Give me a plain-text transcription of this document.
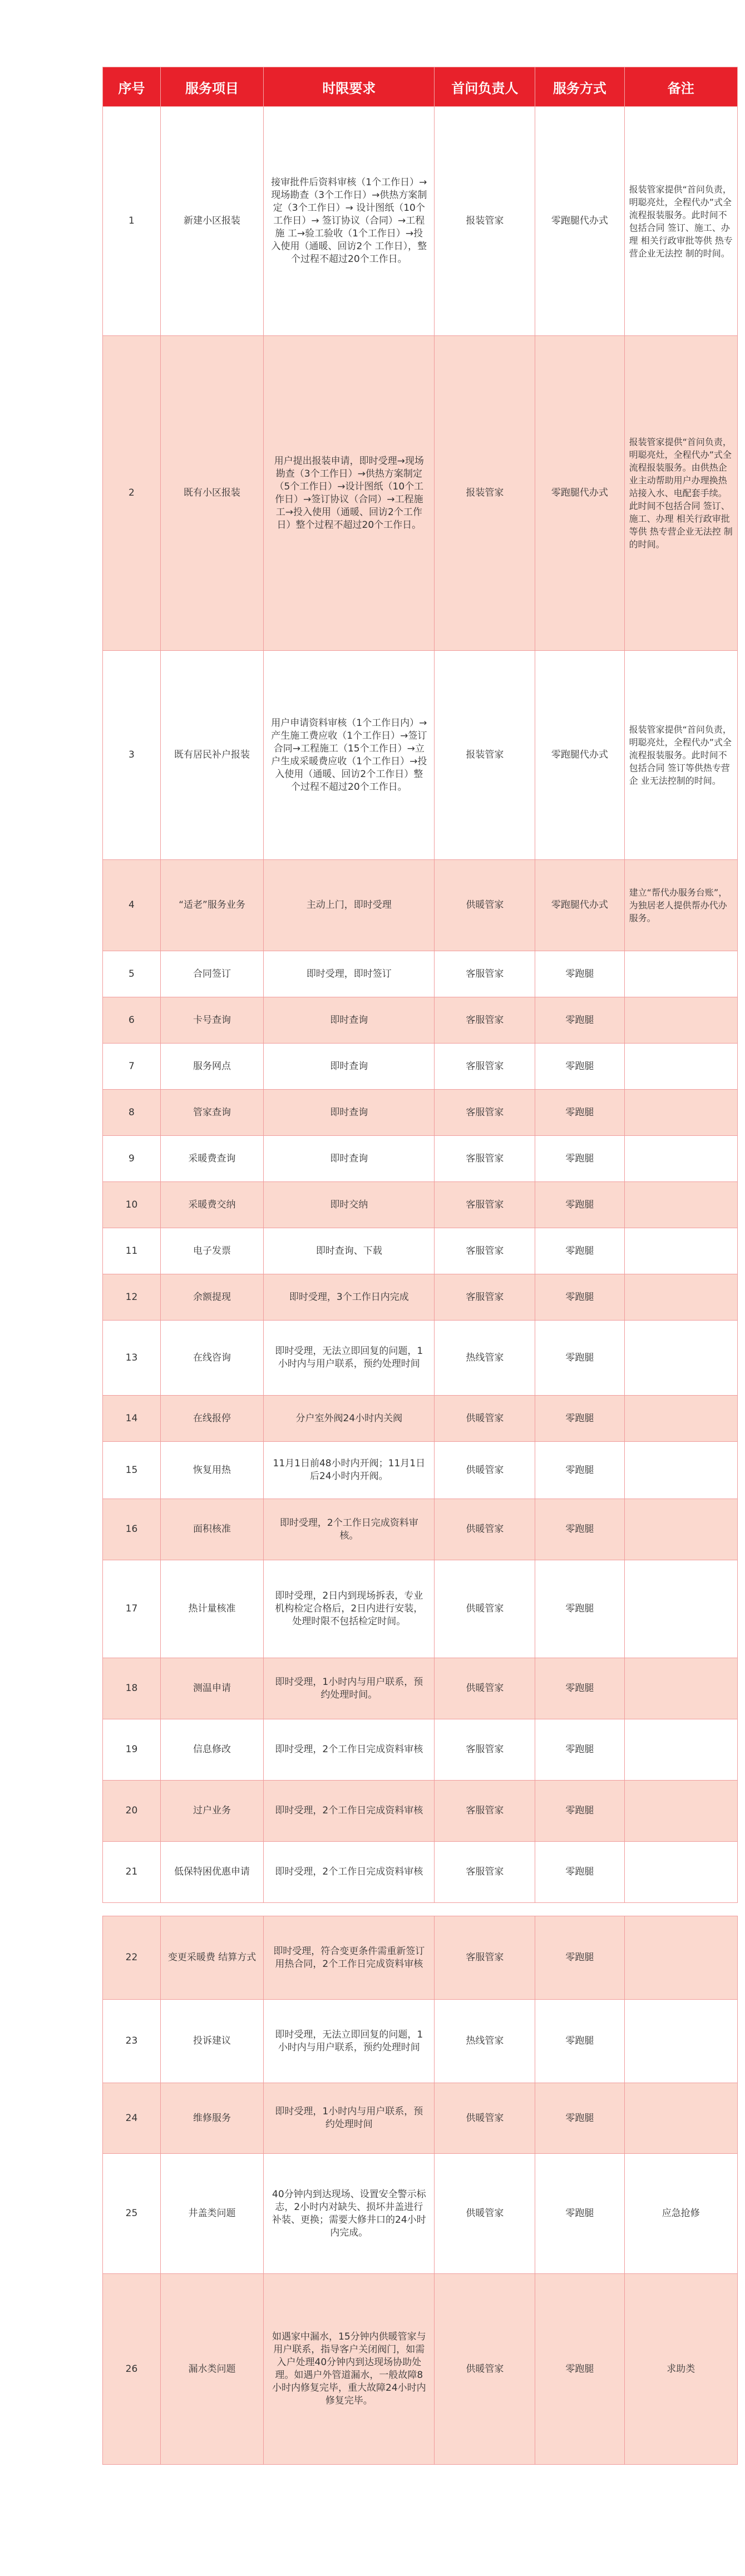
序号	服务项目	时限要求	首问负责人	服务方式	备注
1	新建小区报装	接审批件后资料审核（1个工作日）→ 现场勘查（3个工作日）→供热方案制定（3个工作日）→ 设计图纸（10个工作日）→ 签订协议（合同）→工程施 工→验工验收（1个工作日）→投入使用（通暖、回访2个 工作日），整个过程不超过20个工作日。	报装管家	零跑腿代办式	报装管家提供“首问负责，明聪亮灶，全程代办”式全流程报装服务。此时间不包括合同 签订、施工、办理 相关行政审批等供 热专营企业无法控 制的时间。
2	既有小区报装	用户提出报装申请，即时受理→现场勘查（3个工作日）→供热方案制定（5个工作日）→设计图纸（10个工作日）→签订协议（合同）→工程施工→投入使用（通暖、回访2个工作日）整个过程不超过20个工作日。	报装管家	零跑腿代办式	报装管家提供“首问负责，明聪亮灶，全程代办”式全流程报装服务。由供热企业主动帮助用户办理换热站接入水、电配套手续。此时间不包括合同 签订、施工、办理 相关行政审批等供 热专营企业无法控 制的时间。
3	既有居民补户报装	用户申请资料审核（1个工作日内）→产生施工费应收（1个工作日）→签订合同→工程施工（15个工作日）→立户生成采暖费应收（1个工作日）→投入使用（通暖、回访2个工作日）整个过程不超过20个工作日。	报装管家	零跑腿代办式	报装管家提供“首问负责，明聪亮灶，全程代办”式全流程报装服务。此时间不包括合同 签订等供热专营企 业无法控制的时间。
4	“适老”服务业务	主动上门，即时受理	供暖管家	零跑腿代办式	建立“帮代办服务台账”，为独居老人提供帮办代办服务。
5	合同签订	即时受理，即时签订	客服管家	零跑腿	
6	卡号查询	即时查询	客服管家	零跑腿	
7	服务网点	即时查询	客服管家	零跑腿	
8	管家查询	即时查询	客服管家	零跑腿	
9	采暖费查询	即时查询	客服管家	零跑腿	
10	采暖费交纳	即时交纳	客服管家	零跑腿	
11	电子发票	即时查询、下载	客服管家	零跑腿	
12	余额提现	即时受理，3个工作日内完成	客服管家	零跑腿	
13	在线咨询	即时受理，无法立即回复的问题，1小时内与用户联系，预约处理时间	热线管家	零跑腿	
14	在线报停	分户室外阀24小时内关阀	供暖管家	零跑腿	
15	恢复用热	11月1日前48小时内开阀；11月1日后24小时内开阀。	供暖管家	零跑腿	
16	面积核准	即时受理，2个工作日完成资料审核。	供暖管家	零跑腿	
17	热计量核准	即时受理，2日内到现场拆表，专业机构检定合格后，2日内进行安装，处理时限不包括检定时间。	供暖管家	零跑腿	
18	测温申请	即时受理，1小时内与用户联系，预约处理时间。	供暖管家	零跑腿	
19	信息修改	即时受理，2个工作日完成资料审核	客服管家	零跑腿	
20	过户业务	即时受理，2个工作日完成资料审核	客服管家	零跑腿	
21	低保特困优惠申请	即时受理，2个工作日完成资料审核	客服管家	零跑腿	

22	变更采暖费 结算方式	即时受理，符合变更条件需重新签订用热合同，2个工作日完成资料审核	客服管家	零跑腿	
23	投诉建议	即时受理，无法立即回复的问题，1小时内与用户联系，预约处理时间	热线管家	零跑腿	
24	维修服务	即时受理，1小时内与用户联系，预约处理时间	供暖管家	零跑腿	
25	井盖类问题	40分钟内到达现场、设置安全警示标志，2小时内对缺失、损坏井盖进行补装、更换；需要大修井口的24小时内完成。	供暖管家	零跑腿	应急抢修
26	漏水类问题	如遇家中漏水，15分钟内供暖管家与用户联系，指导客户关闭阀门，如需入户处理40分钟内到达现场协助处理。如遇户外管道漏水，一般故障8小时内修复完毕，重大故障24小时内修复完毕。	供暖管家	零跑腿	求助类
